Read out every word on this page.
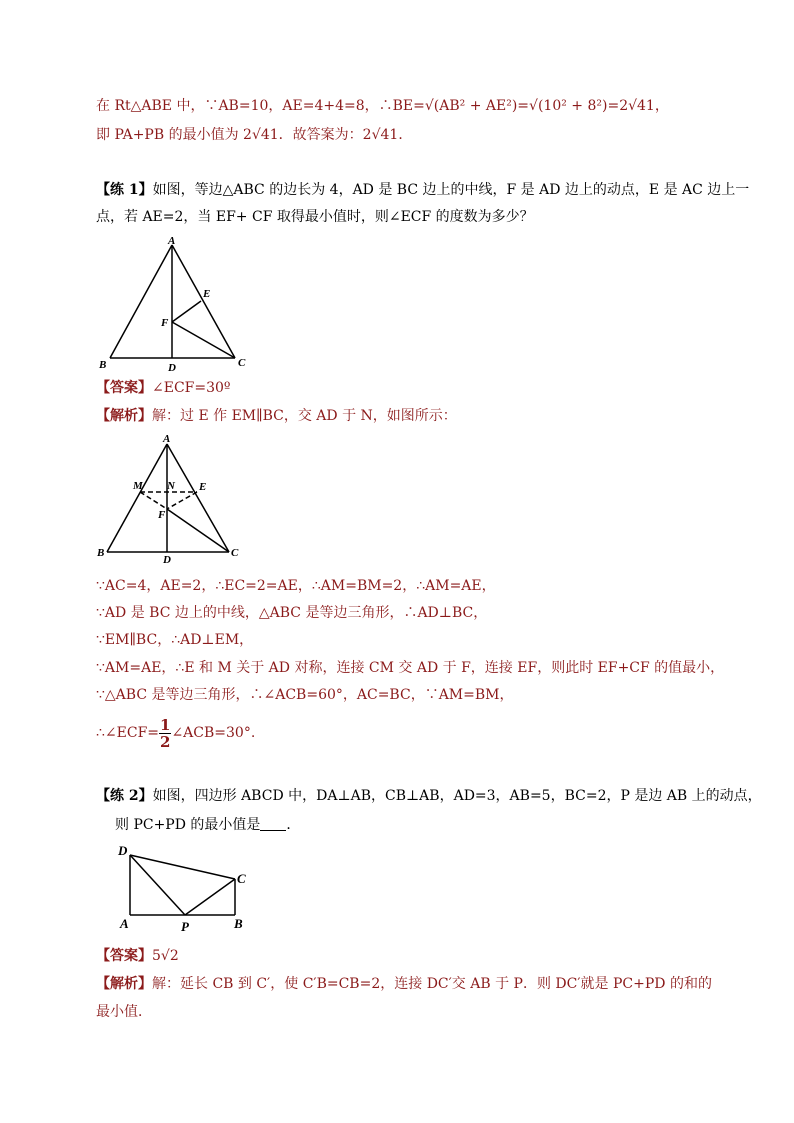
在 Rt△ABE 中，∵AB=10，AE=4+4=8，∴BE=√(AB² + AE²)=√(10² + 8²)=2√41，
即 PA+PB 的最小值为 2√41．故答案为：2√41．
【练 1】如图，等边△ABC 的边长为 4，AD 是 BC 边上的中线，F 是 AD 边上的动点，E 是 AC 边上一
点，若 AE=2，当 EF+ CF 取得最小值时，则∠ECF 的度数为多少？
A
B	C
D
E
F
【答案】∠ECF=30º
【解析】解：过 E 作 EM∥BC，交 AD 于 N，如图所示：
A
B	C
D
E
F
M N
∵AC=4，AE=2，∴EC=2=AE，∴AM=BM=2，∴AM=AE，
∵AD 是 BC 边上的中线，△ABC 是等边三角形，∴AD⊥BC，
∵EM∥BC，∴AD⊥EM，
∵AM=AE，∴E 和 M 关于 AD 对称，连接 CM 交 AD 于 F，连接 EF，则此时 EF+CF 的值最小，
∵△ABC 是等边三角形，∴∠ACB=60°，AC=BC，∵AM=BM，
∴∠ECF= $\frac{1}{2}$ ∠ACB=30°.
【练 2】如图，四边形 ABCD 中，DA⊥AB，CB⊥AB，AD=3，AB=5，BC=2，P 是边 AB 上的动点，
则 PC+PD 的最小值是 ．
D
A	B
C
P
【答案】5√2
【解析】解：延长 CB 到 C′，使 C′B=CB=2，连接 DC′交 AB 于 P．则 DC′就是 PC+PD 的和的
最小值．
